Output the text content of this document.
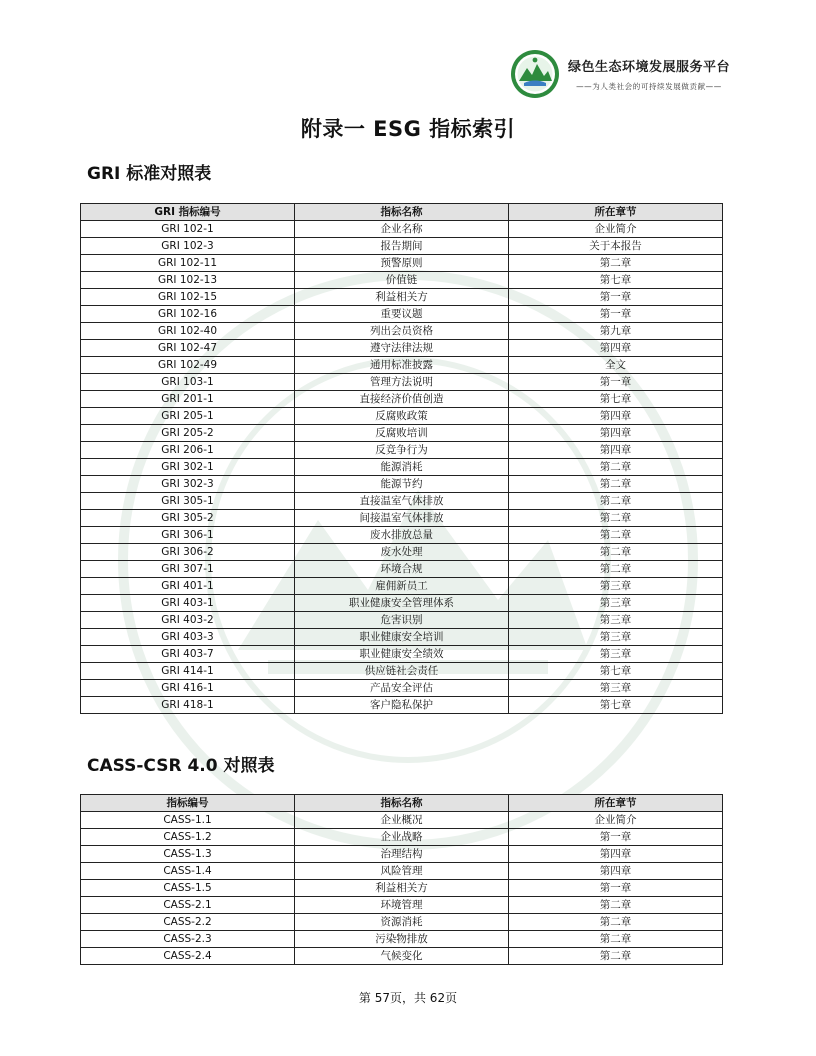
绿色生态环境发展服务平台
——为人类社会的可持续发展做贡献——
附录一 ESG 指标索引
GRI 标准对照表
GRI 指标编号	指标名称	所在章节
GRI 102-1	企业名称	企业简介
GRI 102-3	报告期间	关于本报告
GRI 102-11	预警原则	第二章
GRI 102-13	价值链	第七章
GRI 102-15	利益相关方	第一章
GRI 102-16	重要议题	第一章
GRI 102-40	列出会员资格	第九章
GRI 102-47	遵守法律法规	第四章
GRI 102-49	通用标准披露	全文
GRI 103-1	管理方法说明	第一章
GRI 201-1	直接经济价值创造	第七章
GRI 205-1	反腐败政策	第四章
GRI 205-2	反腐败培训	第四章
GRI 206-1	反竞争行为	第四章
GRI 302-1	能源消耗	第二章
GRI 302-3	能源节约	第二章
GRI 305-1	直接温室气体排放	第二章
GRI 305-2	间接温室气体排放	第二章
GRI 306-1	废水排放总量	第二章
GRI 306-2	废水处理	第二章
GRI 307-1	环境合规	第二章
GRI 401-1	雇佣新员工	第三章
GRI 403-1	职业健康安全管理体系	第三章
GRI 403-2	危害识别	第三章
GRI 403-3	职业健康安全培训	第三章
GRI 403-7	职业健康安全绩效	第三章
GRI 414-1	供应链社会责任	第七章
GRI 416-1	产品安全评估	第三章
GRI 418-1	客户隐私保护	第七章
CASS-CSR 4.0 对照表
指标编号	指标名称	所在章节
CASS-1.1	企业概况	企业简介
CASS-1.2	企业战略	第一章
CASS-1.3	治理结构	第四章
CASS-1.4	风险管理	第四章
CASS-1.5	利益相关方	第一章
CASS-2.1	环境管理	第二章
CASS-2.2	资源消耗	第二章
CASS-2.3	污染物排放	第二章
CASS-2.4	气候变化	第二章
第 57页，共 62页
